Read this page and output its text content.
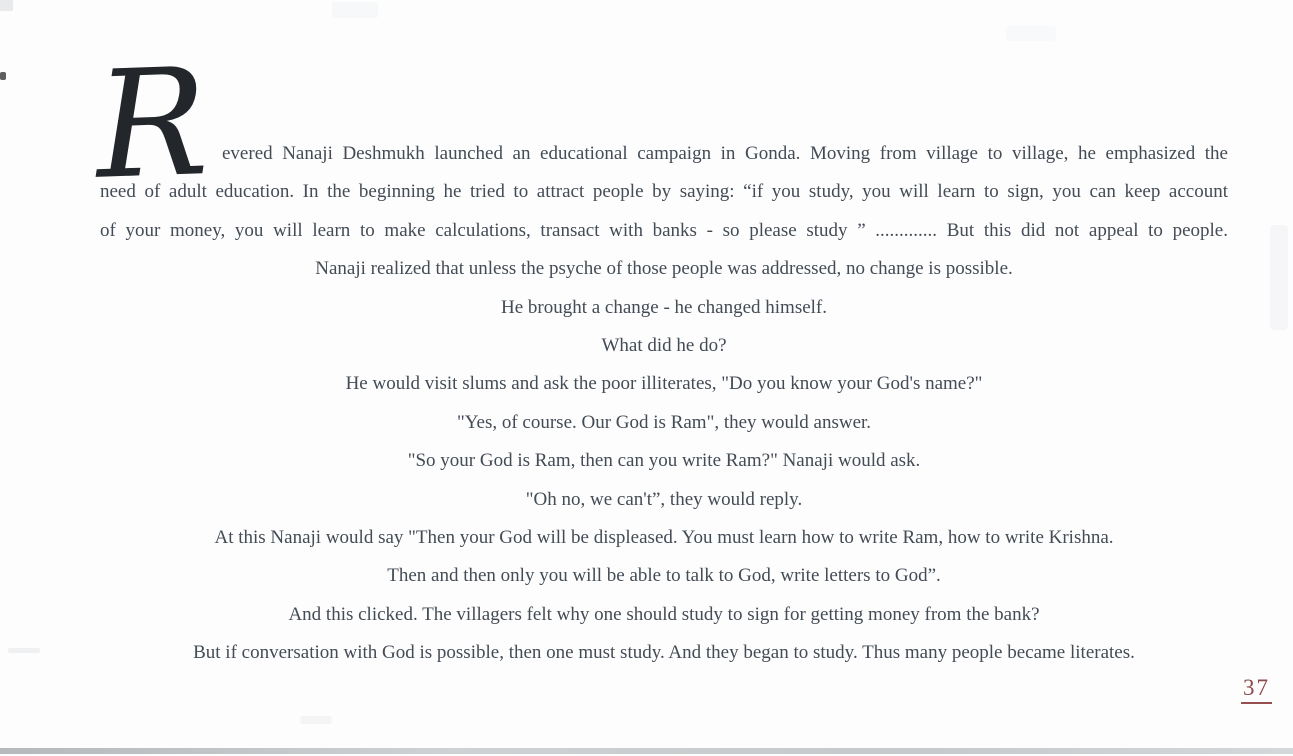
R evered Nanaji Deshmukh launched an educational campaign in Gonda. Moving from village to village, he emphasized the
need of adult education. In the beginning he tried to attract people by saying: “if you study, you will learn to sign, you can keep account
of your money, you will learn to make calculations, transact with banks - so please study ” ............. But this did not appeal to people.
Nanaji realized that unless the psyche of those people was addressed, no change is possible.
He brought a change - he changed himself.
What did he do?
He would visit slums and ask the poor illiterates, "Do you know your God's name?"
"Yes, of course. Our God is Ram", they would answer.
"So your God is Ram, then can you write Ram?" Nanaji would ask.
"Oh no, we can't”, they would reply.
At this Nanaji would say "Then your God will be displeased. You must learn how to write Ram, how to write Krishna.
Then and then only you will be able to talk to God, write letters to God”.
And this clicked. The villagers felt why one should study to sign for getting money from the bank?
But if conversation with God is possible, then one must study. And they began to study. Thus many people became literates.
37
